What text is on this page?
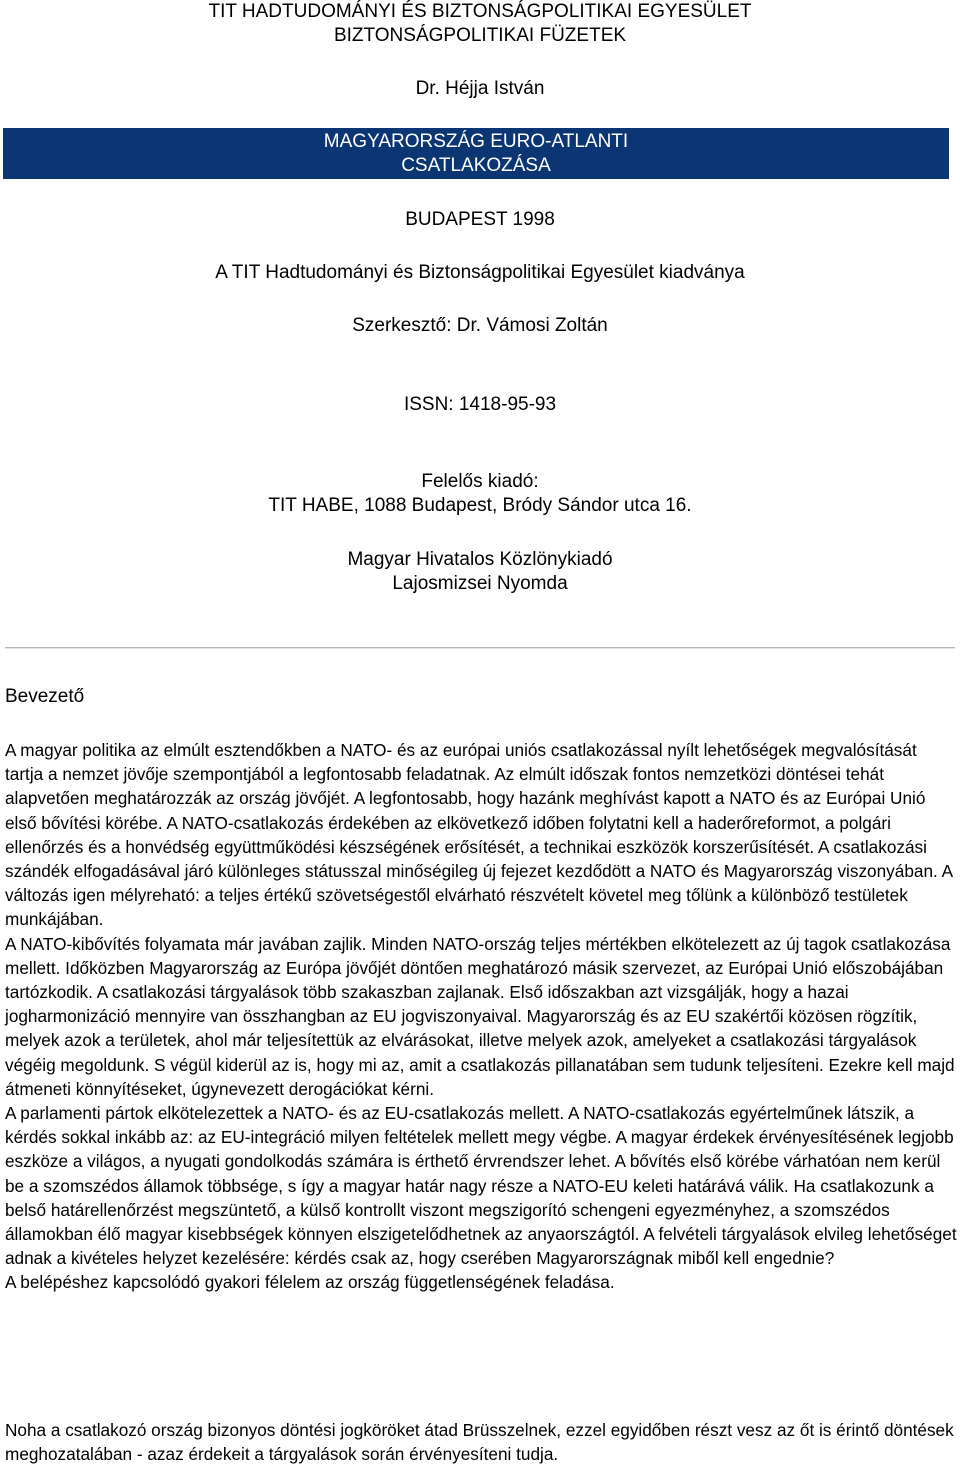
TIT HADTUDOMÁNYI ÉS BIZTONSÁGPOLITIKAI EGYESÜLET
BIZTONSÁGPOLITIKAI FÜZETEK
Dr. Héjja István
MAGYARORSZÁG EURO-ATLANTI
CSATLAKOZÁSA
BUDAPEST 1998
A TIT Hadtudományi és Biztonságpolitikai Egyesület kiadványa
Szerkesztő: Dr. Vámosi Zoltán
ISSN: 1418-95-93
Felelős kiadó:
TIT HABE, 1088 Budapest, Bródy Sándor utca 16.
Magyar Hivatalos Közlönykiadó
Lajosmizsei Nyomda
Bevezető

A magyar politika az elmúlt esztendőkben a NATO- és az európai uniós csatlakozással nyílt lehetőségek megvalósítását tartja a nemzet jövője szempontjából a legfontosabb feladatnak. Az elmúlt időszak fontos nemzetközi döntései tehát alapvetően meghatározzák az ország jövőjét. A legfontosabb, hogy hazánk meghívást kapott a NATO és az Európai Unió első bővítési körébe. A NATO-csatlakozás érdekében az elkövetkező időben folytatni kell a haderőreformot, a polgári ellenőrzés és a honvédség együttműködési készségének erősítését, a technikai eszközök korszerűsítését. A csatlakozási szándék elfogadásával járó különleges státusszal minőségileg új fejezet kezdődött a NATO és Magyarország viszonyában. A változás igen mélyreható: a teljes értékű szövetségestől elvárható részvételt követel meg tőlünk a különböző testületek munkájában.

A NATO-kibővítés folyamata már javában zajlik. Minden NATO-ország teljes mértékben elkötelezett az új tagok csatlakozása mellett. Időközben Magyarország az Európa jövőjét döntően meghatározó másik szervezet, az Európai Unió előszobájában tartózkodik. A csatlakozási tárgyalások több szakaszban zajlanak. Első időszakban azt vizsgálják, hogy a hazai jogharmonizáció mennyire van összhangban az EU jogviszonyaival. Magyarország és az EU szakértői közösen rögzítik, melyek azok a területek, ahol már teljesítettük az elvárásokat, illetve melyek azok, amelyeket a csatlakozási tárgyalások végéig megoldunk. S végül kiderül az is, hogy mi az, amit a csatlakozás pillanatában sem tudunk teljesíteni. Ezekre kell majd átmeneti könnyítéseket, úgynevezett derogációkat kérni.

A parlamenti pártok elkötelezettek a NATO- és az EU-csatlakozás mellett. A NATO-csatlakozás egyértelműnek látszik, a kérdés sokkal inkább az: az EU-integráció milyen feltételek mellett megy végbe. A magyar érdekek érvényesítésének legjobb eszköze a világos, a nyugati gondolkodás számára is érthető érvrendszer lehet. A bővítés első körébe várhatóan nem kerül be a szomszédos államok többsége, s így a magyar határ nagy része a NATO-EU keleti határává válik. Ha csatlakozunk a belső határellenőrzést megszüntető, a külső kontrollt viszont megszigorító schengeni egyezményhez, a szomszédos államokban élő magyar kisebbségek könnyen elszigetelődhetnek az anyaországtól. A felvételi tárgyalások elvileg lehetőséget adnak a kivételes helyzet kezelésére: kérdés csak az, hogy cserében Magyarországnak miből kell engednie?

A belépéshez kapcsolódó gyakori félelem az ország függetlenségének feladása.

Noha a csatlakozó ország bizonyos döntési jogköröket átad Brüsszelnek, ezzel egyidőben részt vesz az őt is érintő döntések meghozatalában - azaz érdekeit a tárgyalások során érvényesíteni tudja.
